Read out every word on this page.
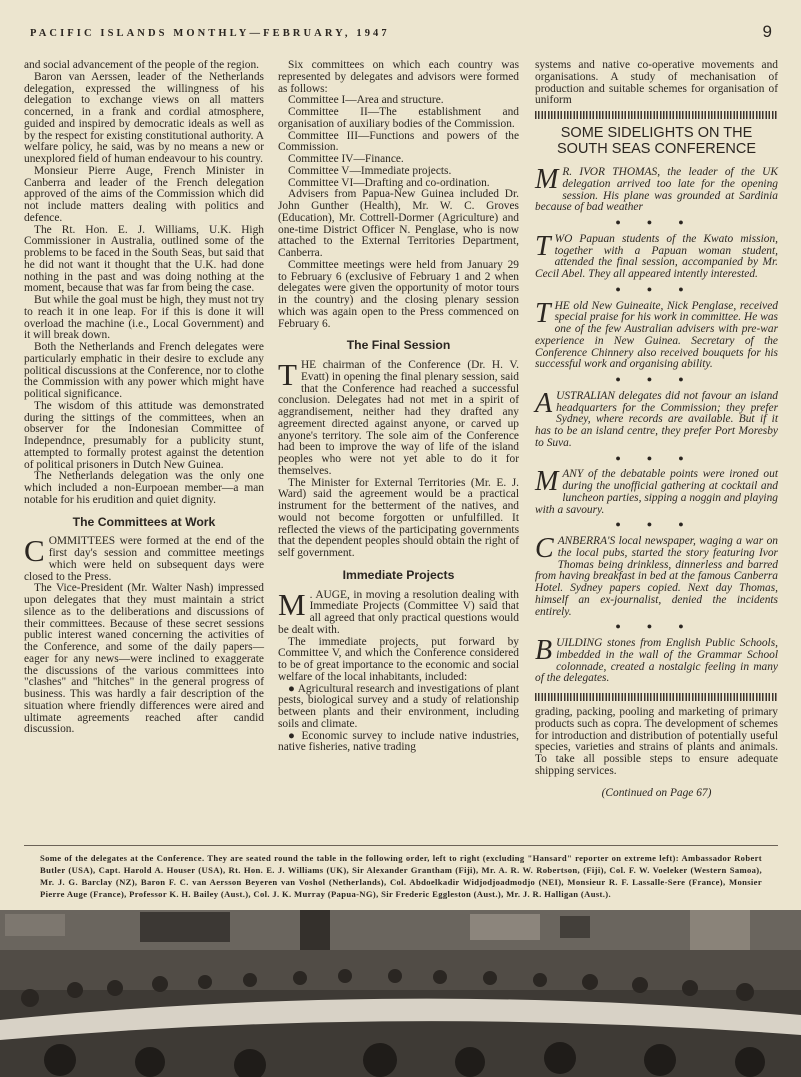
PACIFIC ISLANDS MONTHLY—FEBRUARY, 1947	9

and social advancement of the people of the region.

Baron van Aerssen, leader of the Netherlands delegation, expressed the willingness of his delegation to exchange views on all matters concerned, in a frank and cordial atmosphere, guided and inspired by democratic ideals as well as by the respect for existing constitutional authority. A welfare policy, he said, was by no means a new or unexplored field of human endeavour to his country.

Monsieur Pierre Auge, French Minister in Canberra and leader of the French delegation approved of the aims of the Commission which did not include matters dealing with politics and defence.

The Rt. Hon. E. J. Williams, U.K. High Commissioner in Australia, outlined some of the problems to be faced in the South Seas, but said that he did not want it thought that the U.K. had done nothing in the past and was doing nothing at the moment, because that was far from being the case.

But while the goal must be high, they must not try to reach it in one leap. For if this is done it will overload the machine (i.e., Local Government) and it will break down.

Both the Netherlands and French delegates were particularly emphatic in their desire to exclude any political discussions at the Conference, nor to clothe the Commission with any power which might have political significance.

The wisdom of this attitude was demonstrated during the sittings of the committees, when an observer for the Indonesian Committee of Independnce, presumably for a publicity stunt, attempted to formally protest against the detention of political prisoners in Dutch New Guinea.

The Netherlands delegation was the only one which included a non-Eurpoean member—a man notable for his erudition and quiet dignity.

The Committees at Work

COMMITTEES were formed at the end of the first day's session and committee meetings which were held on subsequent days were closed to the Press.

The Vice-President (Mr. Walter Nash) impressed upon delegates that they must maintain a strict silence as to the deliberations and discussions of their committees. Because of these secret sessions public interest waned concerning the activities of the Conference, and some of the daily papers—eager for any news—were inclined to exaggerate the discussions of the various committees into "clashes" and "hitches" in the general progress of business. This was hardly a fair description of the situation where friendly differences were aired and ultimate agreements reached after candid discussion.

Six committees on which each country was represented by delegates and advisors were formed as follows:

Committee I—Area and structure.

Committee II—The establishment and organisation of auxiliary bodies of the Commission.

Committee III—Functions and powers of the Commission.

Committee IV—Finance.

Committee V—Immediate projects.

Committee VI—Drafting and co-ordination.

Advisers from Papua-New Guinea included Dr. John Gunther (Health), Mr. W. C. Groves (Education), Mr. Cottrell-Dormer (Agriculture) and one-time District Officer N. Penglase, who is now attached to the External Territories Department, Canberra.

Committee meetings were held from January 29 to February 6 (exclusive of February 1 and 2 when delegates were given the opportunity of motor tours in the country) and the closing plenary session which was again open to the Press commenced on February 6.

The Final Session

THE chairman of the Conference (Dr. H. V. Evatt) in opening the final plenary session, said that the Conference had reached a successful conclusion. Delegates had not met in a spirit of aggrandisement, neither had they drafted any agreement directed against anyone, or carved up anyone's territory. The sole aim of the Conference had been to improve the way of life of the island peoples who were not yet able to do it for themselves.

The Minister for External Territories (Mr. E. J. Ward) said the agreement would be a practical instrument for the betterment of the natives, and would not become forgotten or unfulfilled. It reflected the views of the participating governments that the dependent peoples should obtain the right of self government.

Immediate Projects

M . AUGE, in moving a resolution dealing with Immediate Projects (Committee V) said that all agreed that only practical questions would be dealt with.

The immediate projects, put forward by Committee V, and which the Conference considered to be of great importance to the economic and social welfare of the local inhabitants, included:

● Agricultural research and investigations of plant pests, biological survey and a study of relationship between plants and their environment, including soils and climate.

● Economic survey to include native industries, native fisheries, native trading

systems and native co-operative movements and organisations. A study of mechanisation of production and suitable schemes for organisation of uniform

SOME SIDELIGHTS ON THE SOUTH SEAS CONFERENCE

M R. IVOR THOMAS, the leader of the UK delegation arrived too late for the opening session. His plane was grounded at Sardinia because of bad weather

●●●

TWO Papuan students of the Kwato mission, together with a Papuan woman student, attended the final session, accompanied by Mr. Cecil Abel. They all appeared intently interested.

●●●

THE old New Guineaite, Nick Penglase, received special praise for his work in committee. He was one of the few Australian advisers with pre-war experience in New Guinea. Secretary of the Conference Chinnery also received bouquets for his successful work and organising ability.

●●●

AUSTRALIAN delegates did not favour an island headquarters for the Commission; they prefer Sydney, where records are available. But if it has to be an island centre, they prefer Port Moresby to Suva.

●●●

MANY of the debatable points were ironed out during the unofficial gathering at cocktail and luncheon parties, sipping a noggin and playing with a savoury.

●●●

CANBERRA'S local newspaper, waging a war on the local pubs, started the story featuring Ivor Thomas being drinkless, dinnerless and barred from having breakfast in bed at the famous Canberra Hotel. Sydney papers copied. Next day Thomas, himself an ex-journalist, denied the incidents entirely.

●●●

BUILDING stones from English Public Schools, imbedded in the wall of the Grammar School colonnade, created a nostalgic feeling in many of the delegates.

grading, packing, pooling and marketing of primary products such as copra. The development of schemes for introduction and distribution of potentially useful species, varieties and strains of plants and animals. To take all possible steps to ensure adequate shipping services.

(Continued on Page 67)
Some of the delegates at the Conference. They are seated round the table in the following order, left to right (excluding "Hansard" reporter on extreme left): Ambassador Robert Butler (USA), Capt. Harold A. Houser (USA), Rt. Hon. E. J. Williams (UK), Sir Alexander Grantham (Fiji), Mr. A. R. W. Robertson, (Fiji), Col. F. W. Voeleker (Western Samoa), Mr. J. G. Barclay (NZ), Baron F. C. van Aersson Beyeren van Voshol (Netherlands), Col. Abdoelkadir Widjodjoadmodjo (NEI), Monsieur R. F. Lassalle-Sere (France), Monsier Pierre Auge (France), Professor K. H. Bailey (Aust.), Col. J. K. Murray (Papua-NG), Sir Frederic Eggleston (Aust.), Mr. J. R. Halligan (Aust.).
